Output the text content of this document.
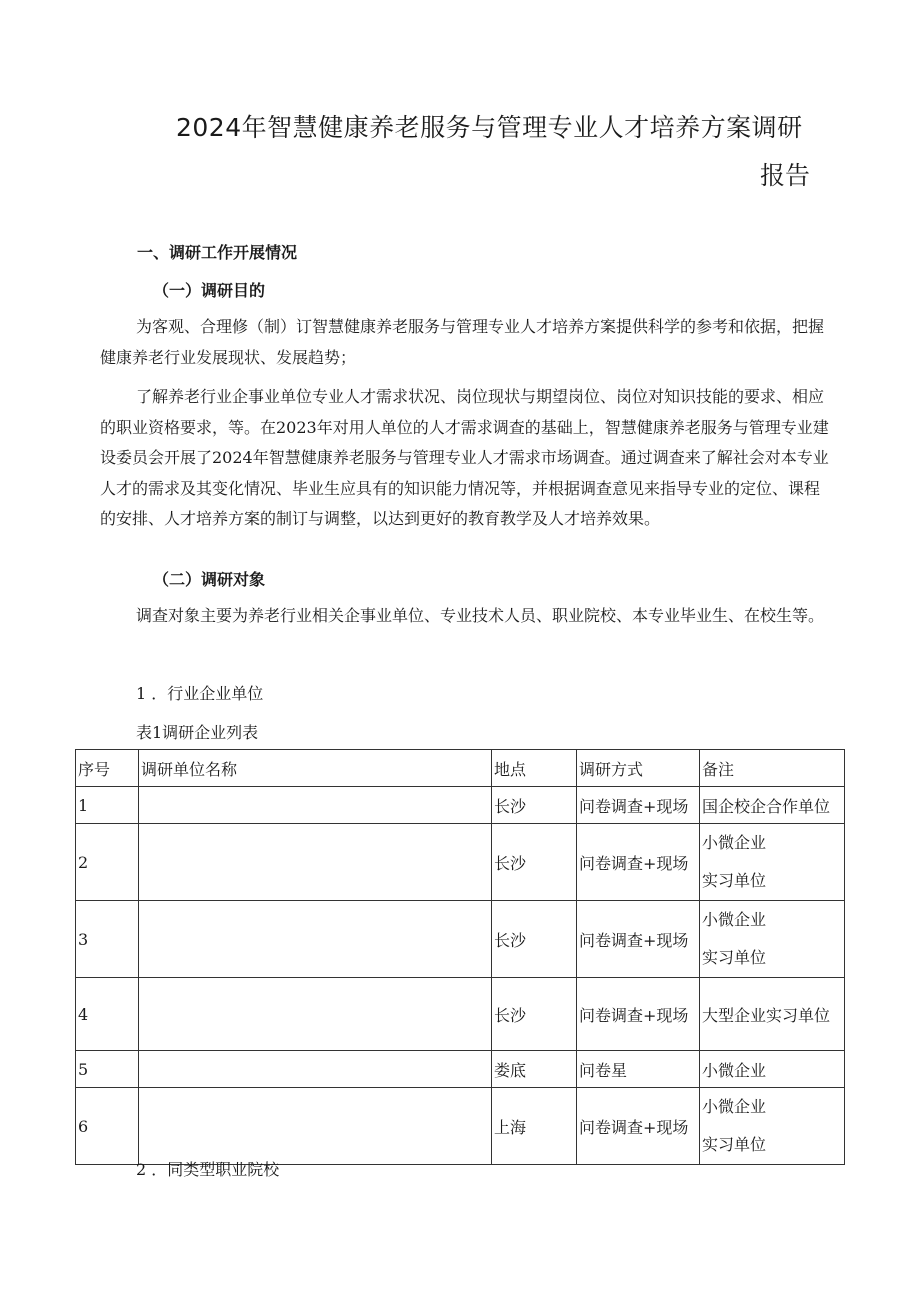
2024年智慧健康养老服务与管理专业人才培养方案调研
报告
一、调研工作开展情况
（一）调研目的

为客观、合理修（制）订智慧健康养老服务与管理专业人才培养方案提供科学的参考和依据，把握健康养老行业发展现状、发展趋势；

了解养老行业企事业单位专业人才需求状况、岗位现状与期望岗位、岗位对知识技能的要求、相应的职业资格要求，等。在2023年对用人单位的人才需求调查的基础上，智慧健康养老服务与管理专业建设委员会开展了2024年智慧健康养老服务与管理专业人才需求市场调查。通过调查来了解社会对本专业人才的需求及其变化情况、毕业生应具有的知识能力情况等，并根据调查意见来指导专业的定位、课程的安排、人才培养方案的制订与调整，以达到更好的教育教学及人才培养效果。

（二）调研对象

调查对象主要为养老行业相关企事业单位、专业技术人员、职业院校、本专业毕业生、在校生等。

1 ．行业企业单位
表1调研企业列表
序号	调研单位名称	地点	调研方式	备注
1		长沙	问卷调查+现场	国企校企合作单位
2		长沙	问卷调查+现场	小微企业
实习单位

3		长沙	问卷调查+现场	小微企业
实习单位

4		长沙	问卷调查+现场	大型企业实习单位
5		娄底	问卷星	小微企业
6		上海	问卷调查+现场	小微企业
实习单位
2 ．同类型职业院校
